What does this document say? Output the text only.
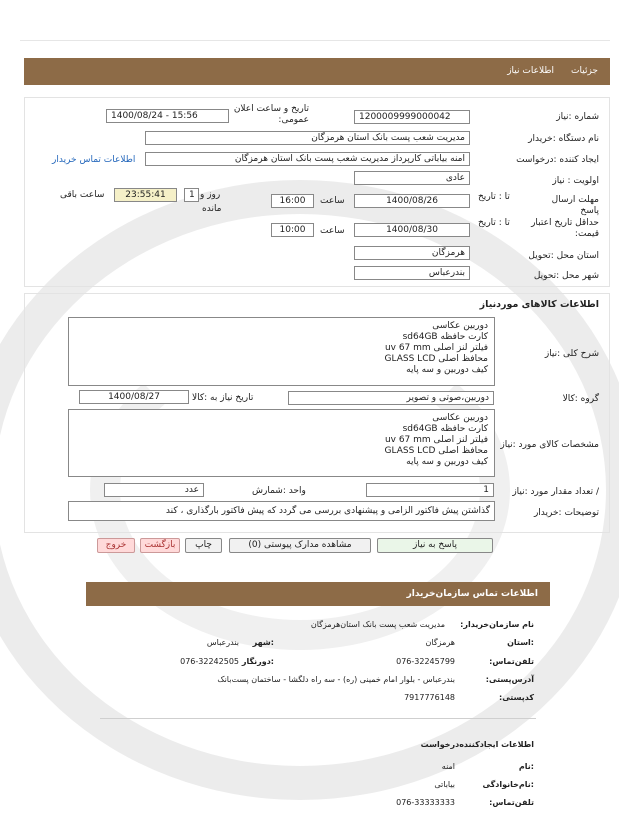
جزئیات
اطلاعات نیاز
شماره :نیاز
1200009999000042
تاریخ و ساعت اعلان عمومی:
1400/08/24 - 15:56
نام دستگاه :خریدار
مدیریت شعب پست بانک استان هرمزگان
ایجاد کننده :درخواست
امنه بیاباتی کارپرداز مدیریت شعب پست بانک استان هرمزگان
اطلاعات تماس خریدار
اولویت : نیاز
عادی
مهلت ارسال پاسخ
تا : تاریخ
1400/08/26
ساعت
16:00
1 روز و
مانده
23:55:41
ساعت باقی
حداقل تاریخ اعتبار قیمت:
تا : تاریخ
1400/08/30
ساعت
10:00
استان محل :تحویل
هرمزگان
شهر محل :تحویل
بندرعباس
اطلاعات کالاهای موردنیاز
شرح کلی :نیاز
دوربین عکاسی
کارت حافظه sd64GB
فیلتر لنز اصلی uv 67 mm
محافظ اصلی GLASS LCD
کیف دوربین و سه پایه
گروه :کالا
دوربین،صوتی و تصویر
تاریخ نیاز به :کالا
1400/08/27
مشخصات کالای مورد :نیاز
دوربین عکاسی
کارت حافظه sd64GB
فیلتر لنز اصلی uv 67 mm
محافظ اصلی GLASS LCD
کیف دوربین و سه پایه
/ تعداد مقدار مورد :نیاز
1
واحد :شمارش
عدد
توضیحات :خریدار
گذاشتن پیش فاکتور الزامی و پیشنهادی بررسی می گردد که پیش فاکتور بارگذاری ، کند
پاسخ به نیاز
مشاهده مدارک پیوستی (0)
چاپ
بازگشت
خروج
اطلاعات تماس سازمان‌خریدار
نام سازمان‌خریدار:
مدیریت شعب پست بانک استان‌هرمزگان
:استان
هرمزگان
:شهر
بندرعباس
تلفن‌تماس:
076-32245799
:دورنگار
076-32242505
آدرس‌پستی:
بندرعباس - بلوار امام خمینی (ره) - سه راه دلگشا - ساختمان پست‌بانک
کدپستی:
7917776148
اطلاعات ایجادکننده‌درخواست
:نام
امنه
:نام‌خانوادگی
بیاباتی
تلفن‌تماس:
076-33333333
